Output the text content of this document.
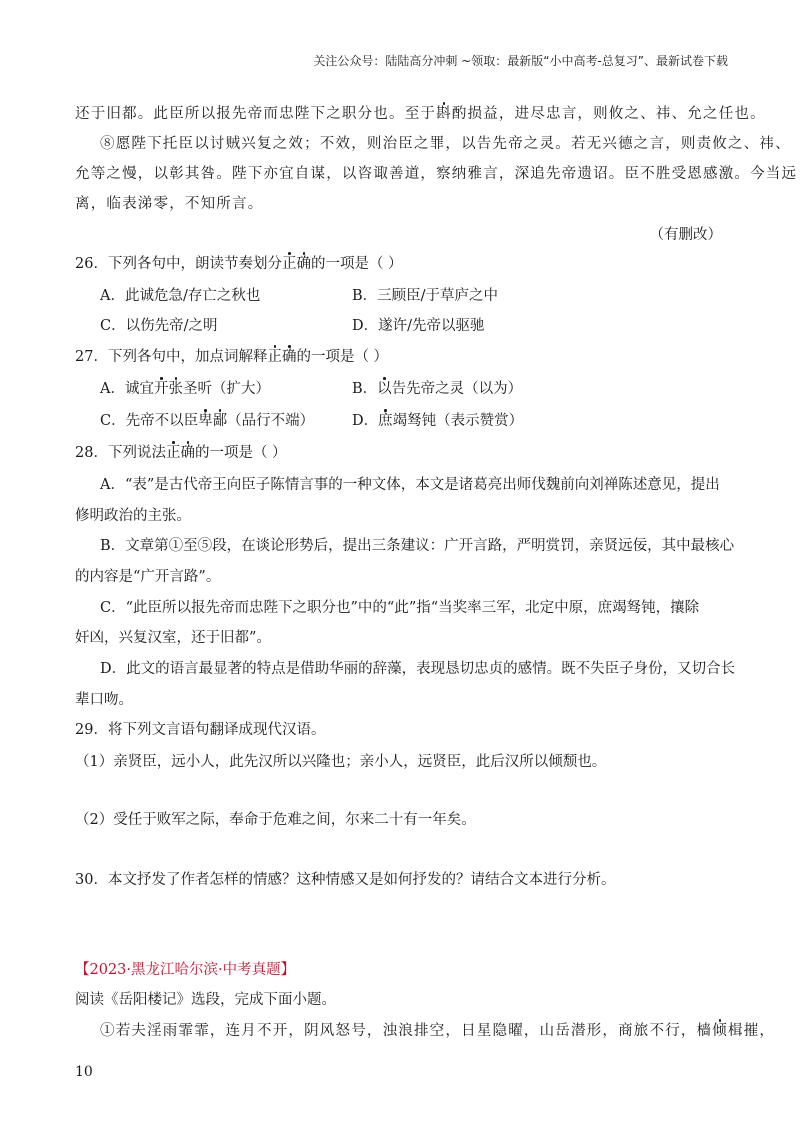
关注公众号：陆陆高分冲刺 ~领取：最新版“小中高考-总复习”、最新试卷下载
还于旧都。此臣所以报先帝而忠陛下之职分也。至于斟酌损益，进尽忠言，则攸之、祎、允之任也。
⑧愿陛下托臣以讨贼兴复之效；不效，则治臣之罪，以告先帝之灵。若无兴德之言，则责攸之、祎、
允等之慢，以彰其咎。陛下亦宜自谋，以咨诹善道，察纳雅言，深追先帝遗诏。臣不胜受恩感激。今当远
离，临表涕零，不知所言。
（有删改）
26．下列各句中，朗读节奏划分正确的一项是（ ）
A．此诚危急/存亡之秋也	B．三顾臣/于草庐之中
C．以伤先帝/之明	D．遂许/先帝以驱驰
27．下列各句中，加点词解释正确的一项是（ ）
A．诚宜开张圣听（扩大）	B．以告先帝之灵（以为）
C．先帝不以臣卑鄙（品行不端）	D．庶竭驽钝（表示赞赏）
28．下列说法正确的一项是（ ）
A．“表”是古代帝王向臣子陈情言事的一种文体，本文是诸葛亮出师伐魏前向刘禅陈述意见，提出
修明政治的主张。
B．文章第①至⑤段，在谈论形势后，提出三条建议：广开言路，严明赏罚，亲贤远佞，其中最核心
的内容是“广开言路”。
C．“此臣所以报先帝而忠陛下之职分也”中的“此”指“当奖率三军，北定中原，庶竭驽钝，攘除
奸凶，兴复汉室，还于旧都”。
D．此文的语言最显著的特点是借助华丽的辞藻，表现恳切忠贞的感情。既不失臣子身份，又切合长
辈口吻。
29．将下列文言语句翻译成现代汉语。
（1）亲贤臣，远小人，此先汉所以兴隆也；亲小人，远贤臣，此后汉所以倾颓也。
（2）受任于败军之际，奉命于危难之间，尔来二十有一年矣。
30．本文抒发了作者怎样的情感？这种情感又是如何抒发的？请结合文本进行分析。
【2023·黑龙江哈尔滨·中考真题】
阅读《岳阳楼记》选段，完成下面小题。
①若夫淫雨霏霏，连月不开，阴风怒号，浊浪排空，日星隐曜，山岳潜形，商旅不行，樯倾楫摧，
10
